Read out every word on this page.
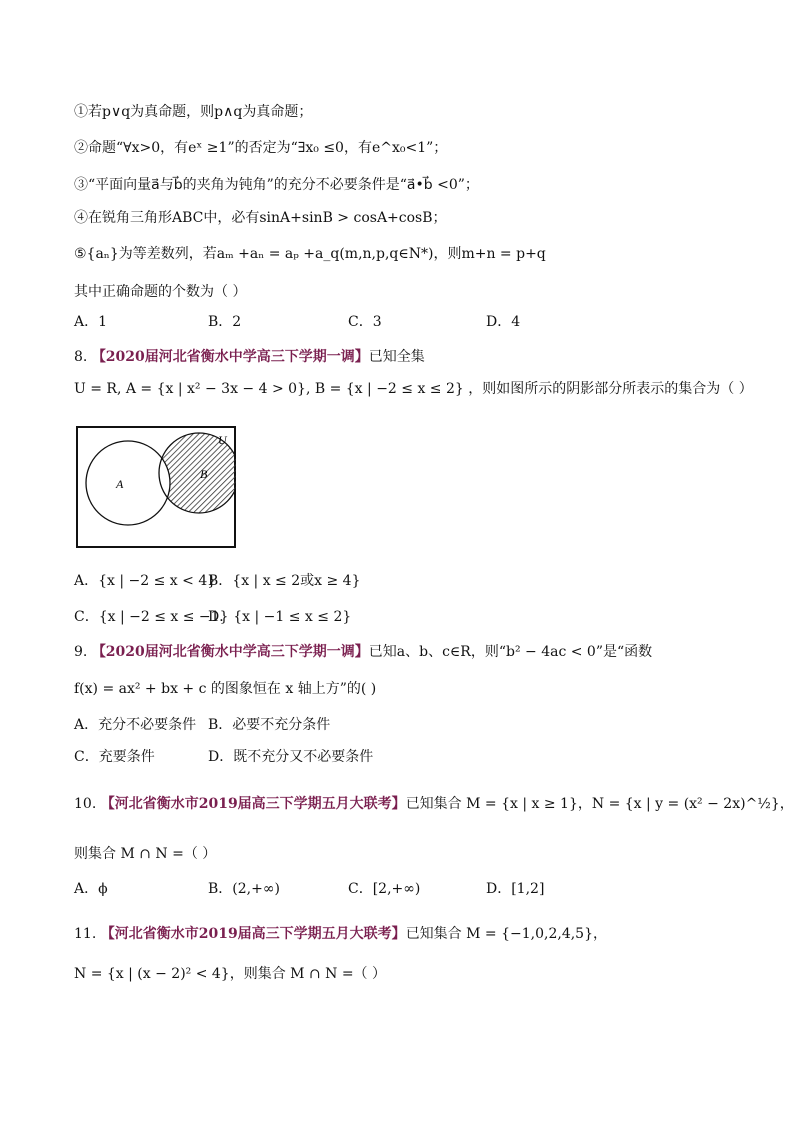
①若p∨q为真命题，则p∧q为真命题；
②命题“∀x>0，有eˣ ≥1”的否定为“∃x₀ ≤0，有e^x₀<1”；
③“平面向量a⃗与b⃗的夹角为钝角”的充分不必要条件是“a⃗•b⃗ <0”；
④在锐角三角形ABC中，必有sinA+sinB > cosA+cosB；
⑤{aₙ}为等差数列，若aₘ +aₙ = aₚ +a_q(m,n,p,q∈N*)，则m+n = p+q
其中正确命题的个数为（ ）
A．1	B．2	C．3	D．4
8. 【2020届河北省衡水中学高三下学期一调】已知全集
U = R, A = {x | x² − 3x − 4 > 0}, B = {x | −2 ≤ x ≤ 2} ，则如图所示的阴影部分所表示的集合为（ ）
U
A
B
A．{x | −2 ≤ x < 4}
B．{x | x ≤ 2或x ≥ 4}
C．{x | −2 ≤ x ≤ −1}
D．{x | −1 ≤ x ≤ 2}
9. 【2020届河北省衡水中学高三下学期一调】已知a、b、c∈R，则“b² − 4ac < 0”是“函数
f(x) = ax² + bx + c 的图象恒在 x 轴上方”的( )
A．充分不必要条件 B．必要不充分条件
C．充要条件	D．既不充分又不必要条件
10. 【河北省衡水市2019届高三下学期五月大联考】已知集合 M = {x | x ≥ 1}，N = {x | y = (x² − 2x)^½}，
则集合 M ∩ N =（ ）
A．ϕ	B．(2,+∞)	C．[2,+∞)	D．[1,2]
11. 【河北省衡水市2019届高三下学期五月大联考】已知集合 M = {−1,0,2,4,5}，
N = {x | (x − 2)² < 4}，则集合 M ∩ N =（ ）
